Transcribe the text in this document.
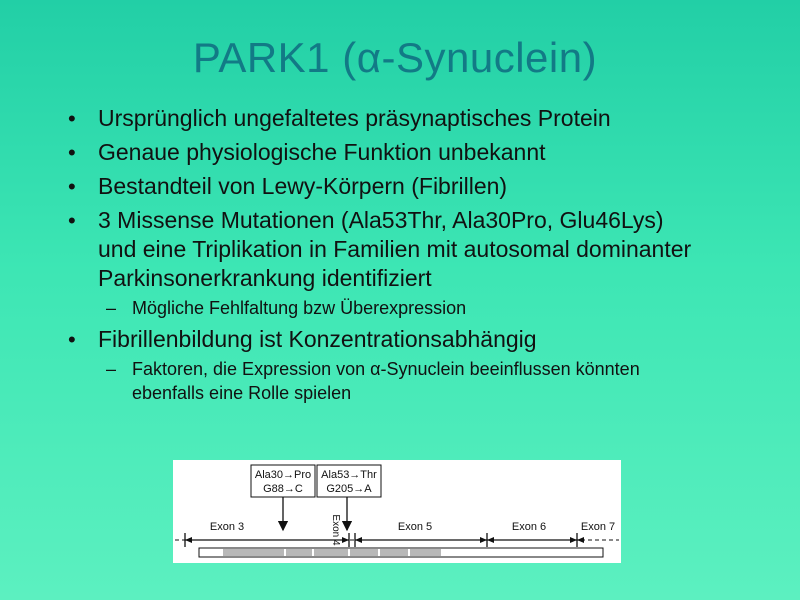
PARK1 (α-Synuclein)
• Ursprünglich ungefaltetes präsynaptisches Protein
• Genaue physiologische Funktion unbekannt
• Bestandteil von Lewy-Körpern (Fibrillen)
• 3 Missense Mutationen (Ala53Thr, Ala30Pro, Glu46Lys) und eine Triplikation in Familien mit autosomal dominanter Parkinsonerkrankung identifiziert
– Mögliche Fehlfaltung bzw Überexpression
• Fibrillenbildung ist Konzentrationsabhängig
– Faktoren, die Expression von α-Synuclein beeinflussen könnten ebenfalls eine Rolle spielen
Ala30→Pro
G88→C
Ala53→Thr
G205→A
Exon 3	Exon 4	Exon 5	Exon 6	Exon 7
